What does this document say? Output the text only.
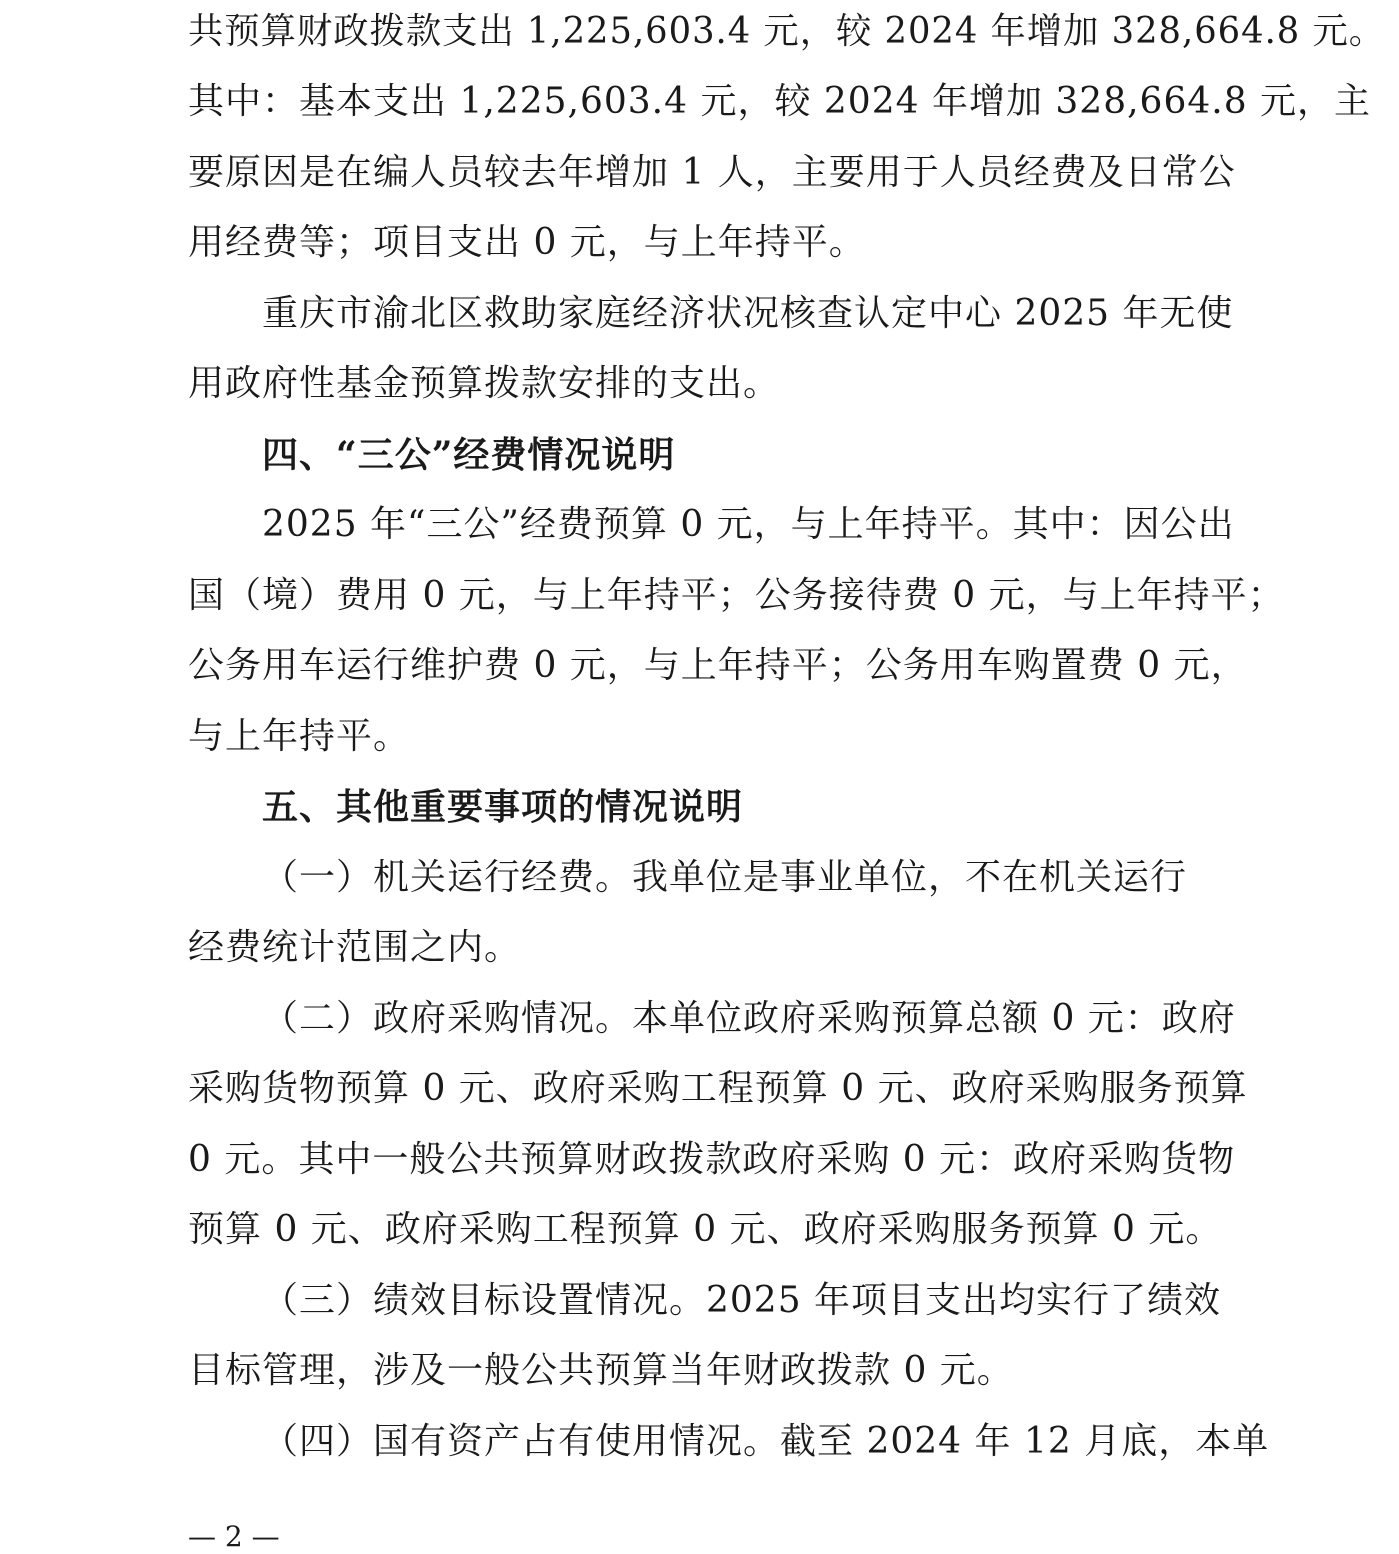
共预算财政拨款支出 1,225,603.4 元，较 2024 年增加 328,664.8 元。
其中：基本支出 1,225,603.4 元，较 2024 年增加 328,664.8 元，主
要原因是在编人员较去年增加 1 人，主要用于人员经费及日常公
用经费等；项目支出 0 元，与上年持平。
重庆市渝北区救助家庭经济状况核查认定中心 2025 年无使
用政府性基金预算拨款安排的支出。
四、“三公”经费情况说明
2025 年“三公”经费预算 0 元，与上年持平。其中：因公出
国（境）费用 0 元，与上年持平；公务接待费 0 元，与上年持平；
公务用车运行维护费 0 元，与上年持平；公务用车购置费 0 元，
与上年持平。
五、其他重要事项的情况说明
（一）机关运行经费。我单位是事业单位，不在机关运行
经费统计范围之内。
（二）政府采购情况。本单位政府采购预算总额 0 元：政府
采购货物预算 0 元、政府采购工程预算 0 元、政府采购服务预算
0 元。其中一般公共预算财政拨款政府采购 0 元：政府采购货物
预算 0 元、政府采购工程预算 0 元、政府采购服务预算 0 元。
（三）绩效目标设置情况。2025 年项目支出均实行了绩效
目标管理，涉及一般公共预算当年财政拨款 0 元。
（四）国有资产占有使用情况。截至 2024 年 12 月底，本单
— 2 —
